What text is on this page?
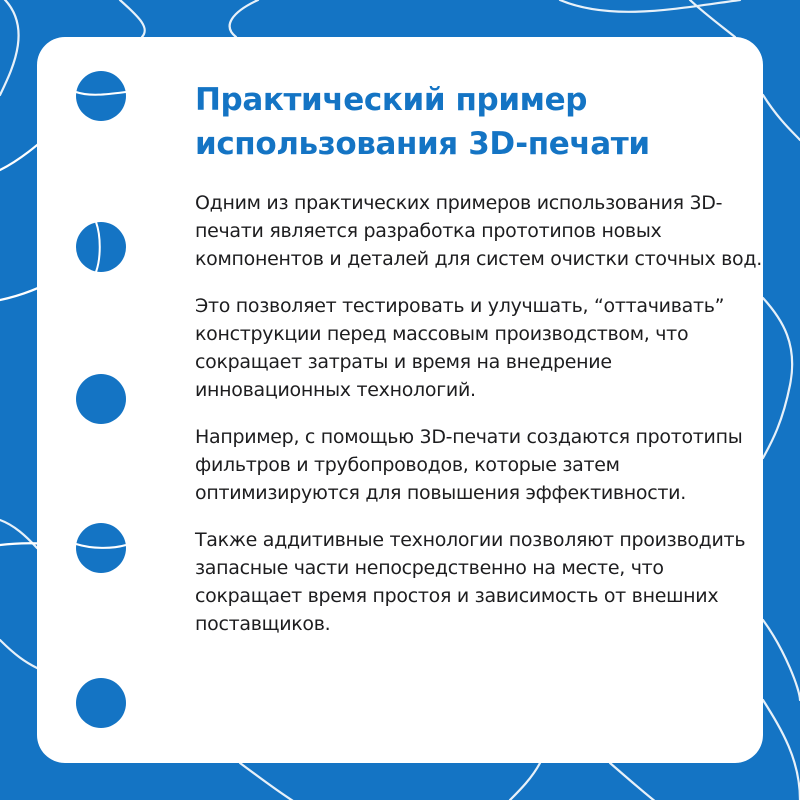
Практический пример использования 3D-печати

Одним из практических примеров использования 3D-печати является разработка прототипов новых компонентов и деталей для систем очистки сточных вод.

Это позволяет тестировать и улучшать, “оттачивать” конструкции перед массовым производством, что сокращает затраты и время на внедрение инновационных технологий.

Например, с помощью 3D-печати создаются прототипы фильтров и трубопроводов, которые затем оптимизируются для повышения эффективности.

Также аддитивные технологии позволяют производить запасные части непосредственно на месте, что сокращает время простоя и зависимость от внешних поставщиков.
